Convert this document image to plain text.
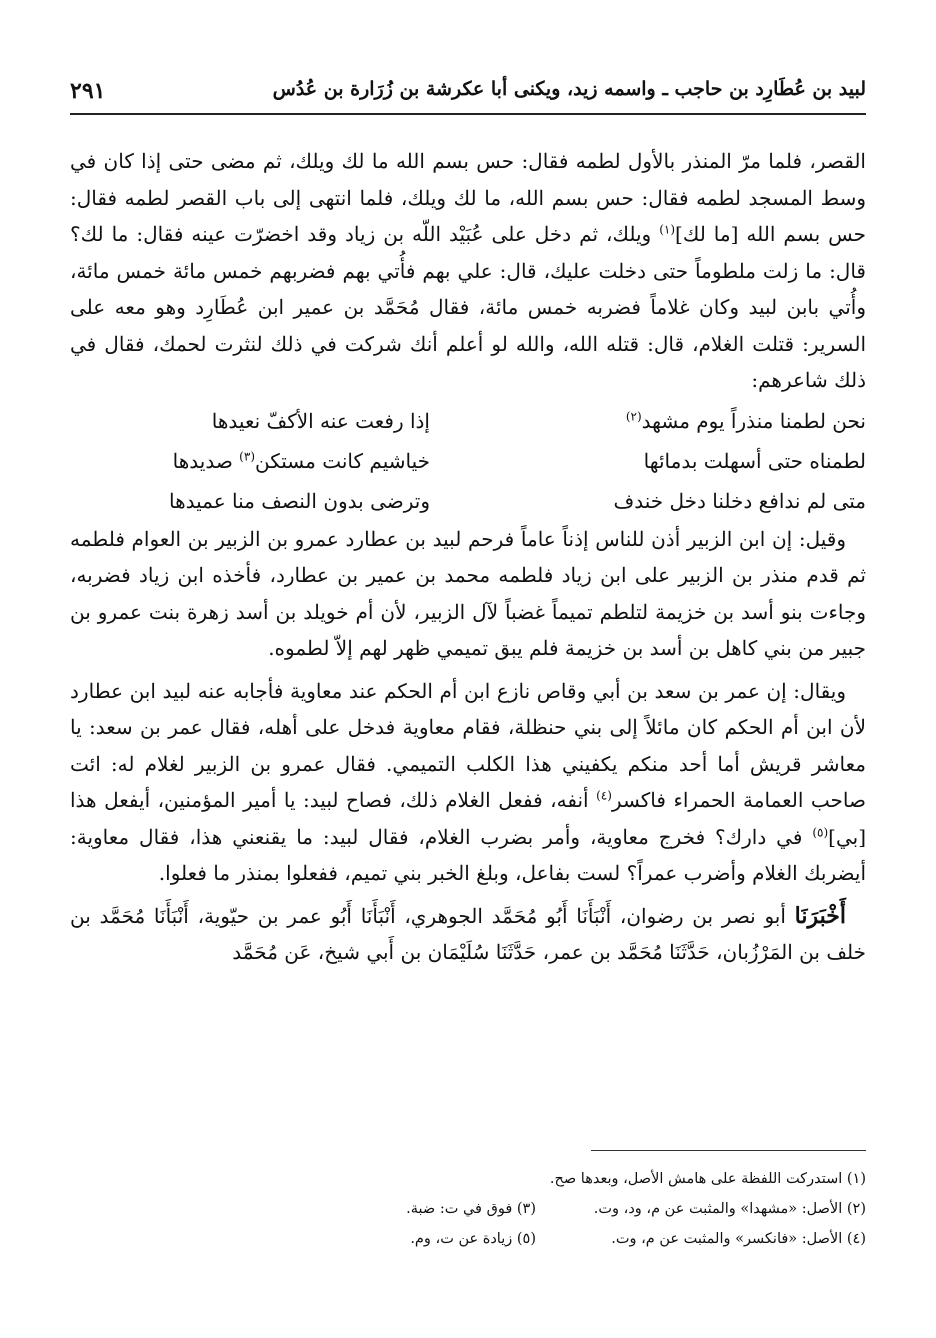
٢٩١	لبيد بن عُطَارِد بن حاجب ـ واسمه زيد، ويكنى أبا عكرشة بن زُرَارة بن عُدُس

القصر، فلما مرّ المنذر بالأول لطمه فقال: حس بسم الله ما لك ويلك، ثم مضى حتى إذا كان في وسط المسجد لطمه فقال: حس بسم الله، ما لك ويلك، فلما انتهى إلى باب القصر لطمه فقال: حس بسم الله [ما لك]$^{(١)}$ ويلك، ثم دخل على عُبَيْد اللّه بن زياد وقد اخضرّت عينه فقال: ما لك؟ قال: ما زلت ملطوماً حتى دخلت عليك، قال: علي بهم فأُتي بهم فضربهم خمس مائة خمس مائة، وأُتي بابن لبيد وكان غلاماً فضربه خمس مائة، فقال مُحَمَّد بن عمير ابن عُطَارِد وهو معه على السرير: قتلت الغلام، قال: قتله الله، والله لو أعلم أنك شركت في ذلك لنثرت لحمك، فقال في ذلك شاعرهم:

نحن لطمنا منذراً يوم مشهد$^{(٢)}$
إذا رفعت عنه الأكفّ نعيدها
لطمناه حتى أسهلت بدمائها
خياشيم كانت مستكن$^{(٣)}$ صديدها
متى لم ندافع دخلنا دخل خندف
وترضى بدون النصف منا عميدها

وقيل: إن ابن الزبير أذن للناس إذناً عاماً فرحم لبيد بن عطارد عمرو بن الزبير بن العوام فلطمه ثم قدم منذر بن الزبير على ابن زياد فلطمه محمد بن عمير بن عطارد، فأخذه ابن زياد فضربه، وجاءت بنو أسد بن خزيمة لتلطم تميماً غضباً لآل الزبير، لأن أم خويلد بن أسد زهرة بنت عمرو بن جبير من بني كاهل بن أسد بن خزيمة فلم يبق تميمي ظهر لهم إلاّ لطموه.

ويقال: إن عمر بن سعد بن أبي وقاص نازع ابن أم الحكم عند معاوية فأجابه عنه لبيد ابن عطارد لأن ابن أم الحكم كان مائلاً إلى بني حنظلة، فقام معاوية فدخل على أهله، فقال عمر بن سعد: يا معاشر قريش أما أحد منكم يكفيني هذا الكلب التميمي. فقال عمرو بن الزبير لغلام له: ائت صاحب العمامة الحمراء فاكسر$^{(٤)}$ أنفه، ففعل الغلام ذلك، فصاح لبيد: يا أمير المؤمنين، أيفعل هذا [بي]$^{(٥)}$ في دارك؟ فخرج معاوية، وأمر بضرب الغلام، فقال لبيد: ما يقنعني هذا، فقال معاوية: أيضربك الغلام وأضرب عمراً؟ لست بفاعل، وبلغ الخبر بني تميم، ففعلوا بمنذر ما فعلوا.

أَخْبَرَنَا أبو نصر بن رضوان، أَنْبَأَنَا أَبُو مُحَمَّد الجوهري، أَنْبَأَنَا أَبُو عمر بن حيّوية، أَنْبَأَنَا مُحَمَّد بن خلف بن المَرْزُبان، حَدَّثَنَا مُحَمَّد بن عمر، حَدَّثَنَا سُلَيْمَان بن أَبي شيخ، عَن مُحَمَّد

(١) استدركت اللفظة على هامش الأصل، وبعدها صح.
(٢) الأصل: «مشهدا» والمثبت عن م، ود، وت.(٣) فوق في ت: ضبة.
(٤) الأصل: «فانكسر» والمثبت عن م، وت.(٥) زيادة عن ت، وم.
